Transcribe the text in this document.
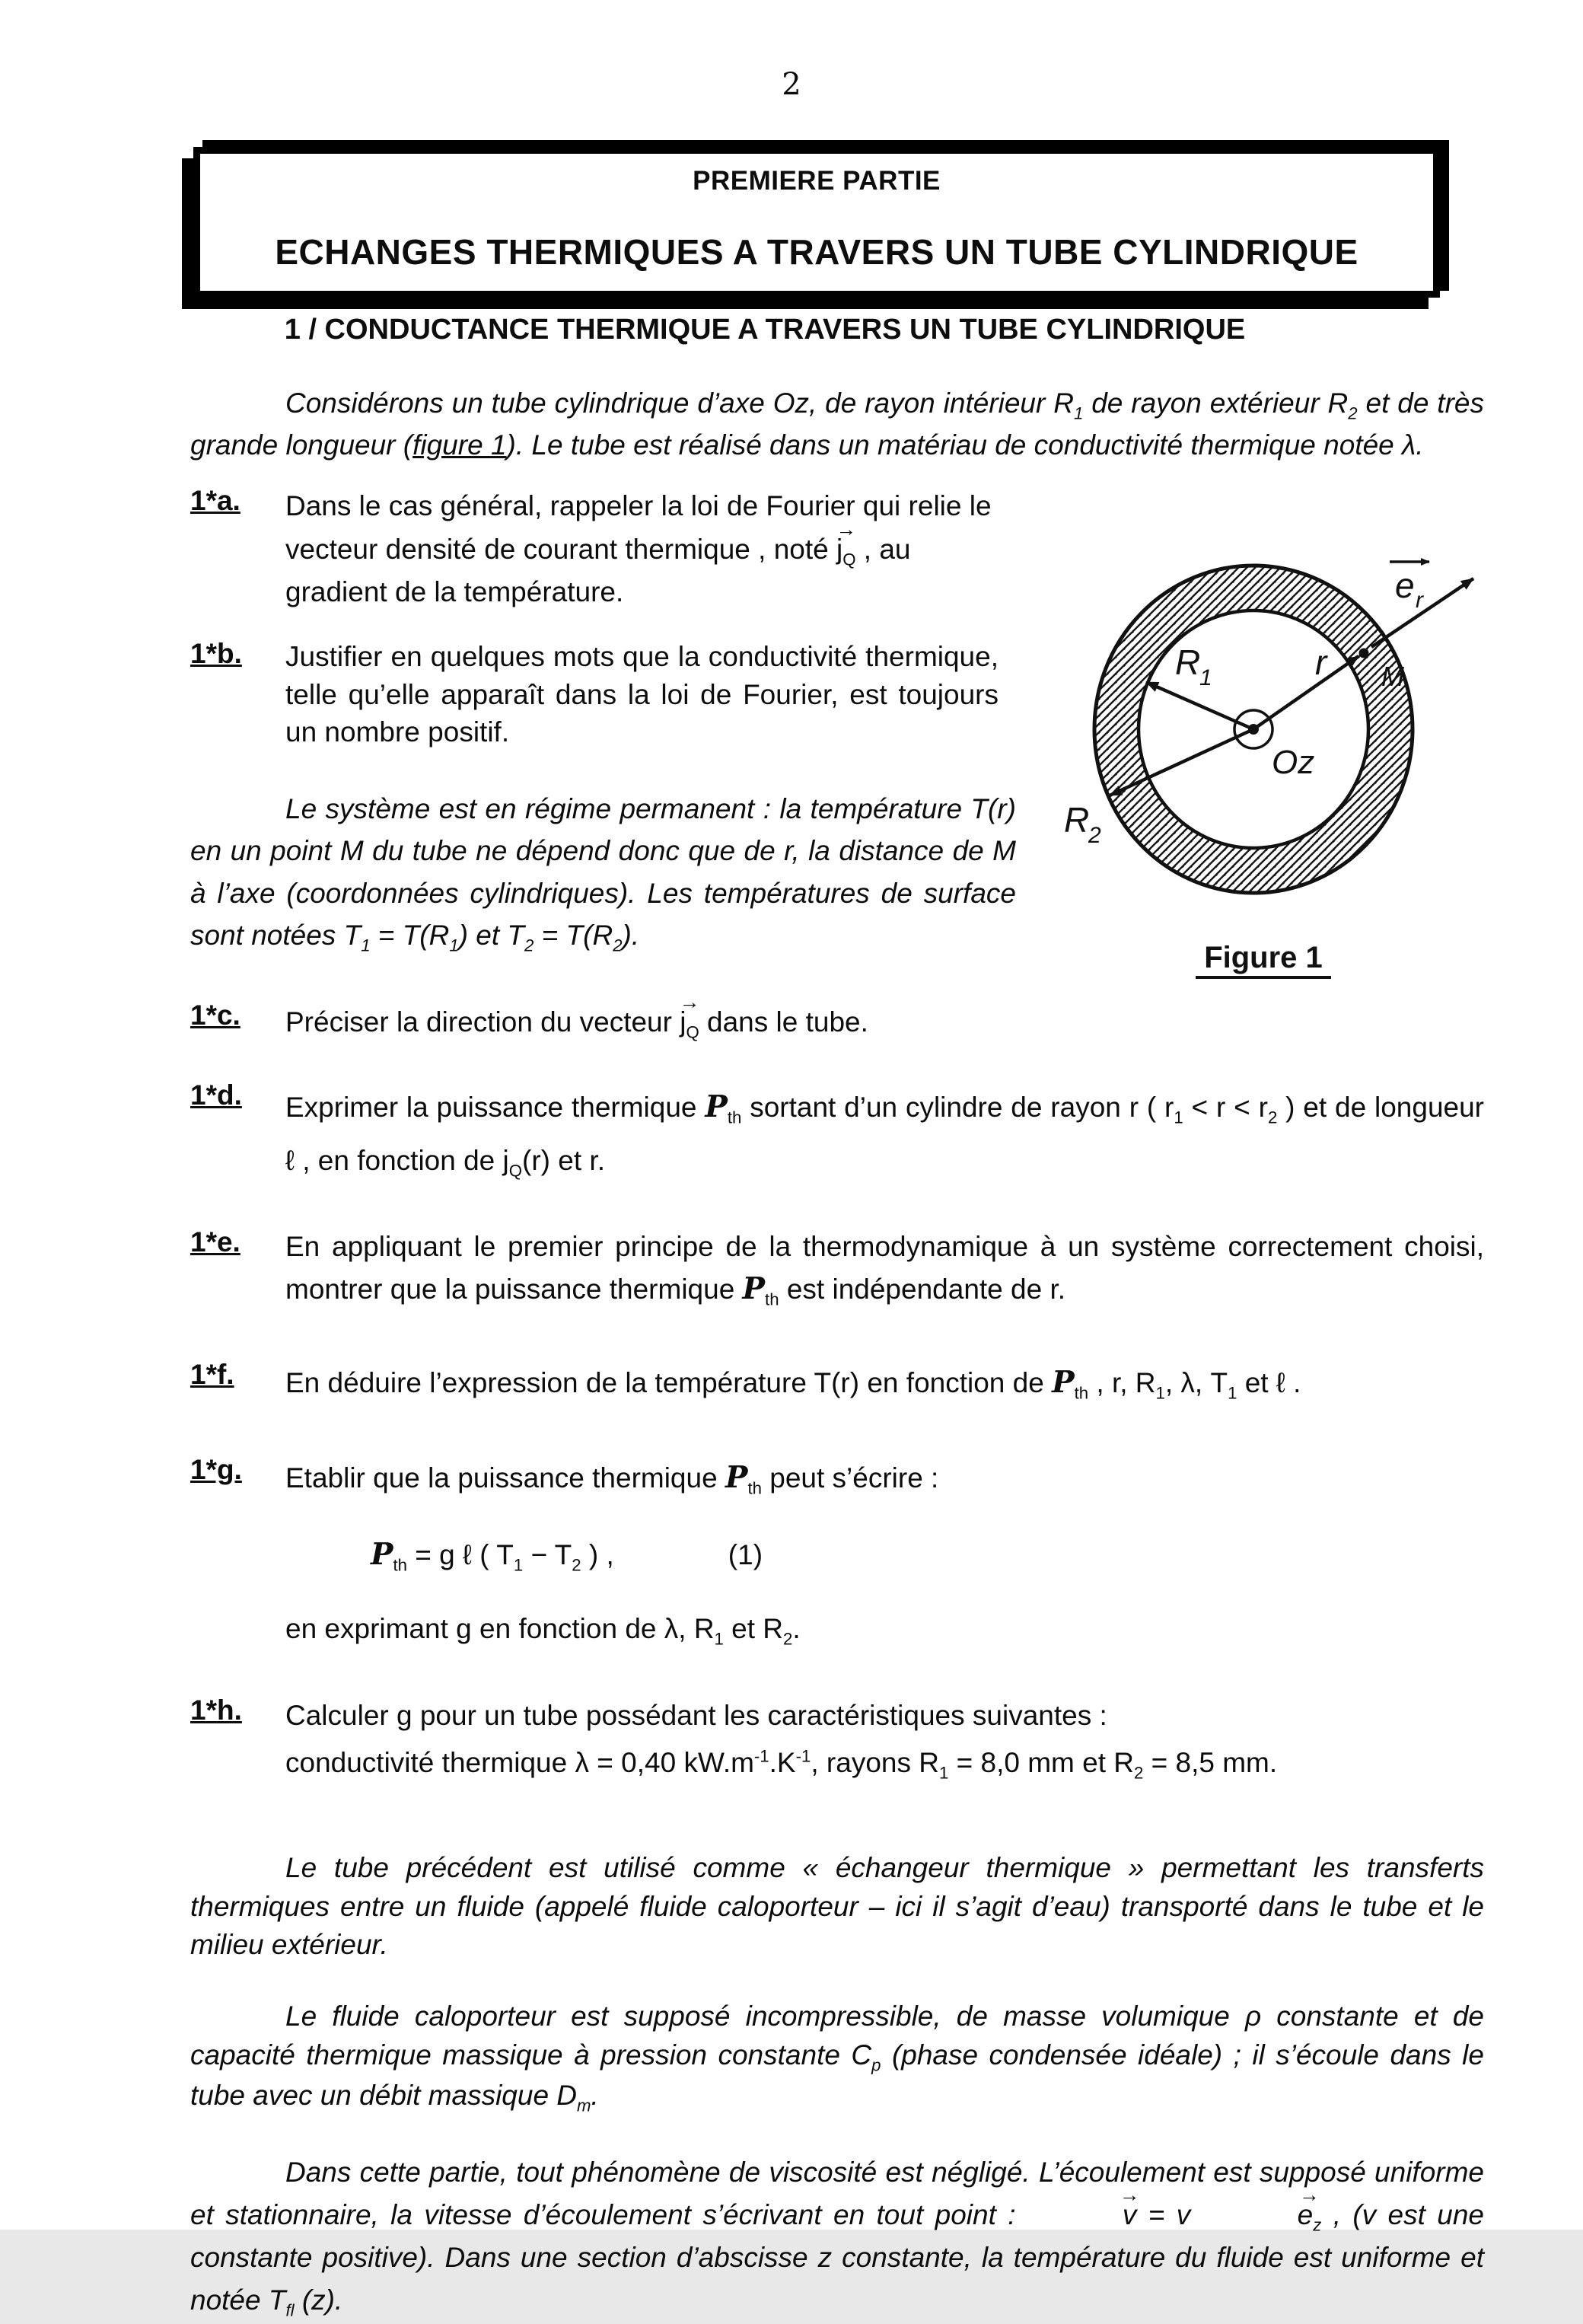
2
PREMIERE PARTIE
ECHANGES THERMIQUES A TRAVERS UN TUBE CYLINDRIQUE
1 / CONDUCTANCE THERMIQUE A TRAVERS UN TUBE CYLINDRIQUE

Considérons un tube cylindrique d’axe Oz, de rayon intérieur $R_1$ de rayon extérieur $R_2$ et de très grande longueur (figure 1). Le tube est réalisé dans un matériau de conductivité thermique notée λ.

1*a.	Dans le cas général, rappeler la loi de Fourier qui relie le vecteur densité de courant thermique , noté
→
$j_Q$ , au gradient de la température.
1*b.	Justifier en quelques mots que la conductivité thermique, telle qu’elle apparaît dans la loi de Fourier, est toujours un nombre positif.

Le système est en régime permanent : la température T(r) en un point M du tube ne dépend donc que de r, la distance de M à l’axe (coordonnées cylindriques). Les températures de surface sont notées $T_1 = T(R_1)$ et $T_2 = T(R_2)$.

1*c.	Préciser la direction du vecteur
→
$j_Q$ dans le tube.
1*d.	Exprimer la puissance thermique $P_{th}$ sortant d’un cylindre de rayon r ( $r_1 < r < r_2$ ) et de longueur ℓ , en fonction de $j_Q(r)$ et r.
1*e.	En appliquant le premier principe de la thermodynamique à un système correctement choisi, montrer que la puissance thermique $P_{th}$ est indépendante de r.
1*f.	En déduire l’expression de la température T(r) en fonction de $P_{th}$ , r, $R_1$, λ, $T_1$ et ℓ .
1*g.	Etablir que la puissance thermique $P_{th}$ peut s’écrire :
$P_{th} = g$ ℓ ( $T_1 - T_2$ ) ,	(1)
en exprimant g en fonction de λ, $R_1$ et $R_2$.
1*h.	Calculer g pour un tube possédant les caractéristiques suivantes :
conductivité thermique λ = 0,40 $kW.m^{-1}.K^{-1}$, rayons $R_1 = 8,0$ mm et $R_2 = 8,5$ mm.

Le tube précédent est utilisé comme « échangeur thermique » permettant les transferts thermiques entre un fluide (appelé fluide caloporteur – ici il s’agit d’eau) transporté dans le tube et le milieu extérieur.

Le fluide caloporteur est supposé incompressible, de masse volumique ρ constante et de capacité thermique massique à pression constante $C_p$ (phase condensée idéale) ; il s’écoule dans le tube avec un débit massique $D_m$.

Dans cette partie, tout phénomène de viscosité est négligé. L’écoulement est supposé uniforme et stationnaire, la vitesse d’écoulement s’écrivant en tout point :
→
v = v
→
$e_z$ , (v est une constante positive). Dans une section d’abscisse z constante, la température du fluide est uniforme et notée $T_{fl}$ (z).

R
1
R
2
r M
Oz
e r
Figure 1
